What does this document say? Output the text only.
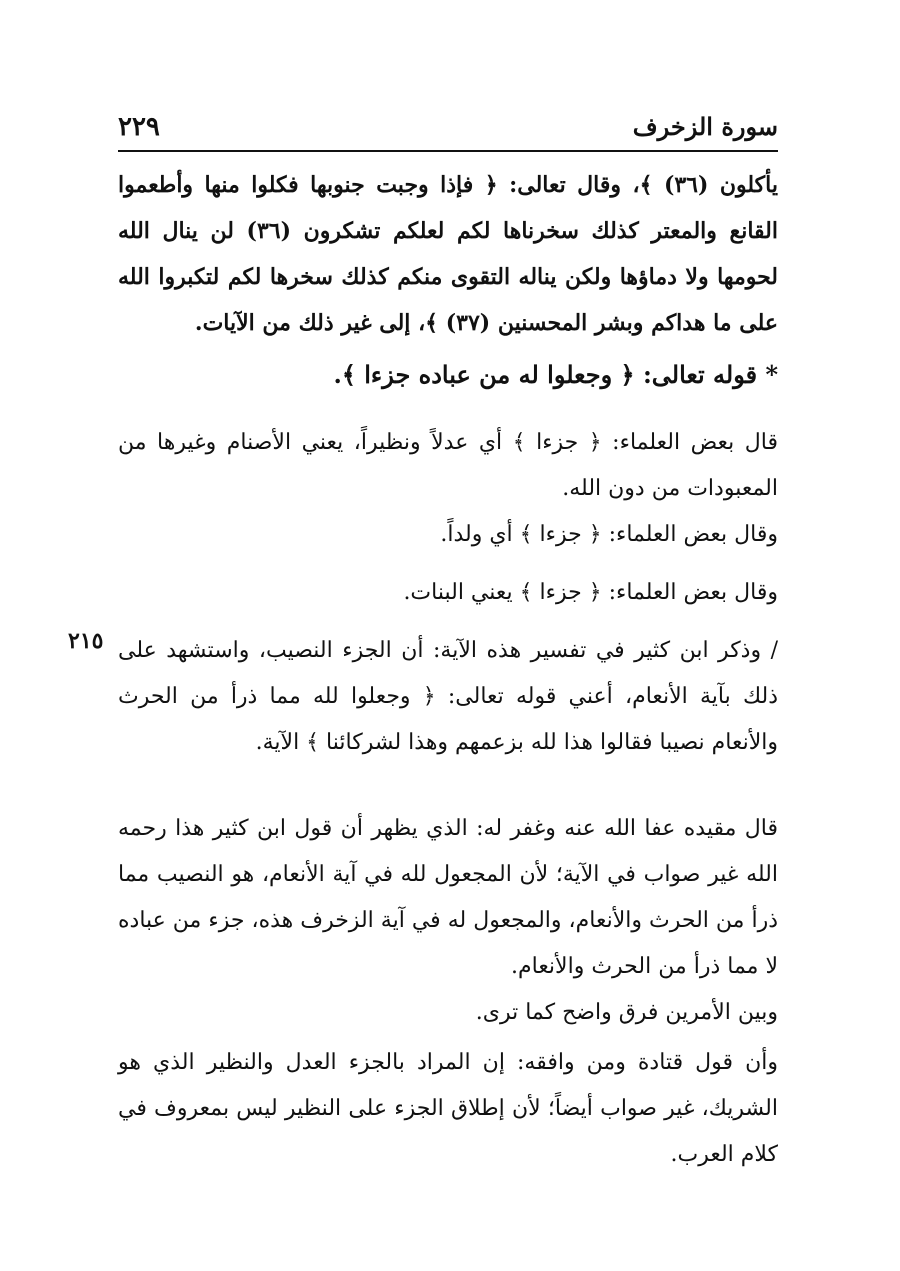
٢٢٩	سورة الزخرف

يأكلون (٣٦) ﴾، وقال تعالى: ﴿ فإذا وجبت جنوبها فكلوا منها وأطعموا القانع والمعتر كذلك سخرناها لكم لعلكم تشكرون (٣٦) لن ينال الله لحومها ولا دماؤها ولكن يناله التقوى منكم كذلك سخرها لكم لتكبروا الله على ما هداكم وبشر المحسنين (٣٧) ﴾، إلى غير ذلك من الآيات.

* قوله تعالى: ﴿ وجعلوا له من عباده جزءا ﴾.

قال بعض العلماء: ﴿ جزءا ﴾ أي عدلاً ونظيراً، يعني الأصنام وغيرها من المعبودات من دون الله.

وقال بعض العلماء: ﴿ جزءا ﴾ أي ولداً.

وقال بعض العلماء: ﴿ جزءا ﴾ يعني البنات.

٢١٥ / وذكر ابن كثير في تفسير هذه الآية: أن الجزء النصيب، واستشهد على ذلك بآية الأنعام، أعني قوله تعالى: ﴿ وجعلوا لله مما ذرأ من الحرث والأنعام نصيبا فقالوا هذا لله بزعمهم وهذا لشركائنا ﴾ الآية.

قال مقيده عفا الله عنه وغفر له: الذي يظهر أن قول ابن كثير هذا رحمه الله غير صواب في الآية؛ لأن المجعول لله في آية الأنعام، هو النصيب مما ذرأ من الحرث والأنعام، والمجعول له في آية الزخرف هذه، جزء من عباده لا مما ذرأ من الحرث والأنعام.

وبين الأمرين فرق واضح كما ترى.

وأن قول قتادة ومن وافقه: إن المراد بالجزء العدل والنظير الذي هو الشريك، غير صواب أيضاً؛ لأن إطلاق الجزء على النظير ليس بمعروف في كلام العرب.
